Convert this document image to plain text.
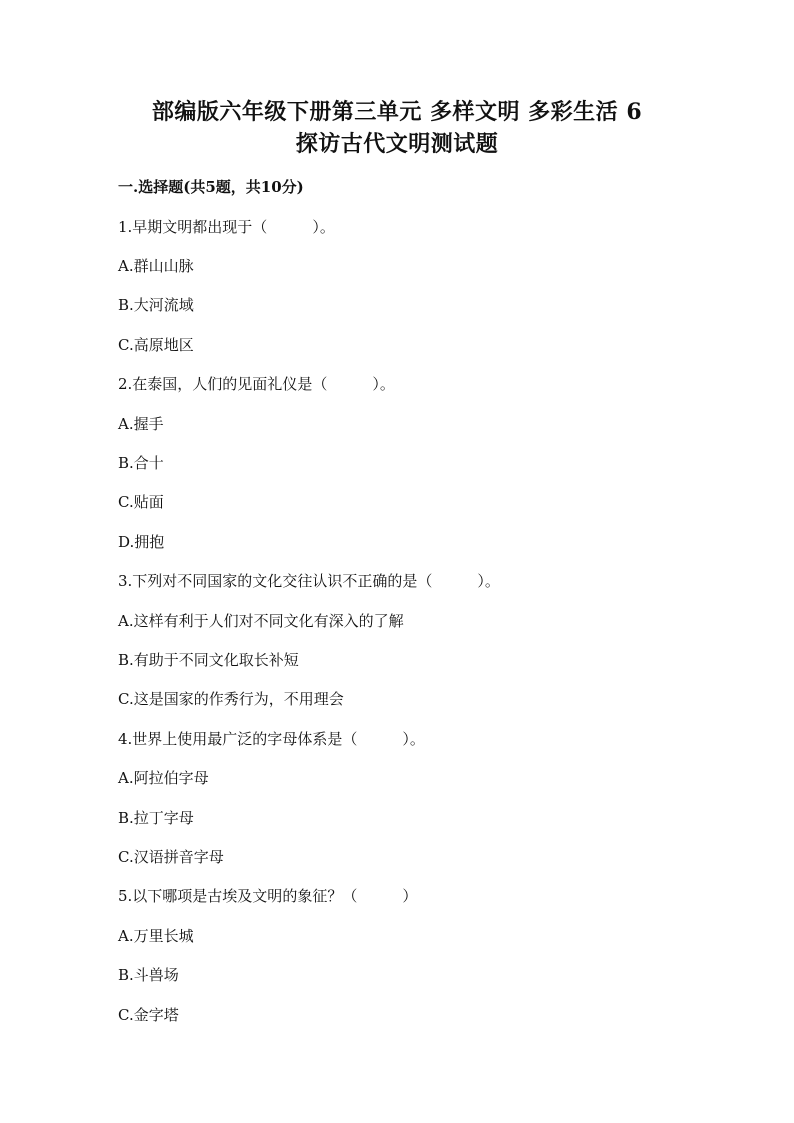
部编版六年级下册第三单元 多样文明 多彩生活 6
探访古代文明测试题
一.选择题(共5题，共10分)
1.早期文明都出现于（　　　）。
A.群山山脉
B.大河流域
C.高原地区
2.在泰国，人们的见面礼仪是（　　　）。
A.握手
B.合十
C.贴面
D.拥抱
3.下列对不同国家的文化交往认识不正确的是（　　　）。
A.这样有利于人们对不同文化有深入的了解
B.有助于不同文化取长补短
C.这是国家的作秀行为，不用理会
4.世界上使用最广泛的字母体系是（　　　）。
A.阿拉伯字母
B.拉丁字母
C.汉语拼音字母
5.以下哪项是古埃及文明的象征？（　　　）
A.万里长城
B.斗兽场
C.金字塔
